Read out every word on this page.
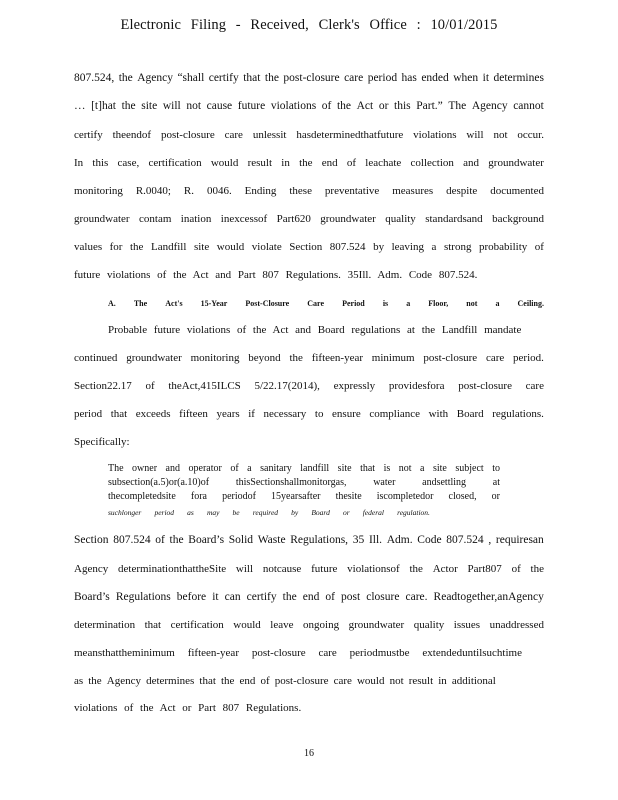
Electronic Filing - Received, Clerk's Office : 10/01/2015
807.524, the Agency “shall certify that the post-closure care period has ended when it determines
… [t]hat the site will not cause future violations of the Act or this Part.” The Agency cannot
certify theendof post-closure care unlessit hasdeterminedthatfuture violations will not occur.
In this case, certification would result in the end of leachate collection and groundwater
monitoring R.0040; R. 0046. Ending these preventative measures despite documented
groundwater contam ination inexcessof Part620 groundwater quality standardsand background
values for the Landfill site would violate Section 807.524 by leaving a strong probability of
future violations of the Act and Part 807 Regulations. 35Ill. Adm. Code 807.524.
A. The Act's 15-Year Post-Closure Care Period is a Floor, not a Ceiling.
Probable future violations of the Act and Board regulations at the Landfill mandate
continued groundwater monitoring beyond the fifteen-year minimum post-closure care period.
Section22.17 of theAct,415ILCS 5/22.17(2014), expressly providesfora post-closure care
period that exceeds fifteen years if necessary to ensure compliance with Board regulations.
Specifically:
The owner and operator of a sanitary landfill site that is not a site subject to
subsection(a.5)or(a.10)of	thisSectionshallmonitorgas,	water	andsettling	at
thecompletedsite fora periodof 15yearsafter thesite iscompletedor closed, or
suchlonger period as may be required by Board or federal regulation.
Section 807.524 of the Board’s Solid Waste Regulations, 35 Ill. Adm. Code 807.524 , requiresan
Agency determinationthattheSite will notcause future violationsof the Actor Part807 of the
Board’s Regulations before it can certify the end of post closure care. Readtogether,anAgency
determination that certification would leave ongoing groundwater quality issues unaddressed
meansthattheminimum fifteen-year post-closure care periodmustbe extendeduntilsuchtime
as the Agency determines that the end of post-closure care would not result in additional
violations of the Act or Part 807 Regulations.
16
